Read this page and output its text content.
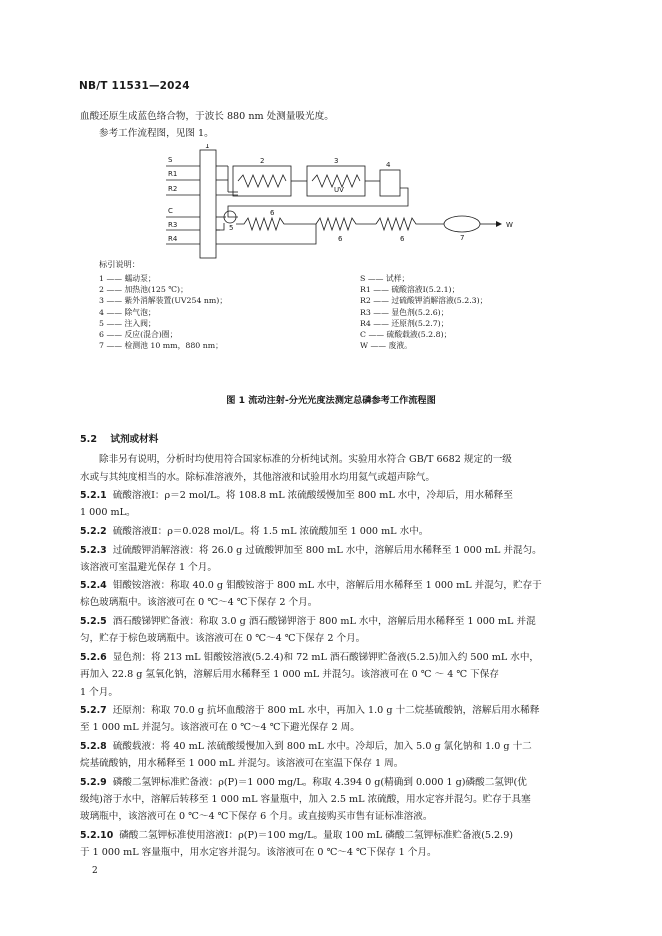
NB/T 11531—2024
血酸还原生成蓝色络合物，于波长 880 nm 处测量吸光度。
参考工作流程图，见图 1。
S
R1
R2
C
R3
R4
1
2	3
UV
4
5
6
6	6	7
W
标引说明：
1 —— 蠕动泵；
2 —— 加热池(125 ℃)；
3 —— 紫外消解装置(UV254 nm)；
4 —— 除气泡；
5 —— 注入阀；
6 —— 反应(混合)圈；
7 —— 检测池 10 mm，880 nm；
S —— 试样；
R1 —— 硫酸溶液Ⅰ(5.2.1)；
R2 —— 过硫酸钾消解溶液(5.2.3)；
R3 —— 显色剂(5.2.6)；
R4 —— 还原剂(5.2.7)；
C —— 硫酸载液(5.2.8)；
W —— 废液。
图 1 流动注射-分光光度法测定总磷参考工作流程图
5.2 试剂或材料
除非另有说明，分析时均使用符合国家标准的分析纯试剂。实验用水符合 GB/T 6682 规定的一级
水或与其纯度相当的水。除标准溶液外，其他溶液和试验用水均用氦气或超声除气。
5.2.1 硫酸溶液Ⅰ：ρ＝2 mol/L。将 108.8 mL 浓硫酸缓慢加至 800 mL 水中，冷却后，用水稀释至
1 000 mL。
5.2.2 硫酸溶液Ⅱ：ρ＝0.028 mol/L。将 1.5 mL 浓硫酸加至 1 000 mL 水中。
5.2.3 过硫酸钾消解溶液：将 26.0 g 过硫酸钾加至 800 mL 水中，溶解后用水稀释至 1 000 mL 并混匀。
该溶液可室温避光保存 1 个月。
5.2.4 钼酸铵溶液：称取 40.0 g 钼酸铵溶于 800 mL 水中，溶解后用水稀释至 1 000 mL 并混匀，贮存于
棕色玻璃瓶中。该溶液可在 0 ℃～4 ℃下保存 2 个月。
5.2.5 酒石酸锑钾贮备液：称取 3.0 g 酒石酸锑钾溶于 800 mL 水中，溶解后用水稀释至 1 000 mL 并混
匀，贮存于棕色玻璃瓶中。该溶液可在 0 ℃～4 ℃下保存 2 个月。
5.2.6 显色剂：将 213 mL 钼酸铵溶液(5.2.4)和 72 mL 酒石酸锑钾贮备液(5.2.5)加入约 500 mL 水中，
再加入 22.8 g 氢氧化钠，溶解后用水稀释至 1 000 mL 并混匀。该溶液可在 0 ℃ ～ 4 ℃ 下保存
1 个月。
5.2.7 还原剂：称取 70.0 g 抗坏血酸溶于 800 mL 水中，再加入 1.0 g 十二烷基硫酸钠，溶解后用水稀释
至 1 000 mL 并混匀。该溶液可在 0 ℃～4 ℃下避光保存 2 周。
5.2.8 硫酸载液：将 40 mL 浓硫酸缓慢加入到 800 mL 水中。冷却后，加入 5.0 g 氯化钠和 1.0 g 十二
烷基硫酸钠，用水稀释至 1 000 mL 并混匀。该溶液可在室温下保存 1 周。
5.2.9 磷酸二氢钾标准贮备液：ρ(P)＝1 000 mg/L。称取 4.394 0 g(精确到 0.000 1 g)磷酸二氢钾(优
级纯)溶于水中，溶解后转移至 1 000 mL 容量瓶中，加入 2.5 mL 浓硫酸，用水定容并混匀。贮存于具塞
玻璃瓶中，该溶液可在 0 ℃～4 ℃下保存 6 个月。或直接购买市售有证标准溶液。
5.2.10 磷酸二氢钾标准使用溶液Ⅰ：ρ(P)＝100 mg/L。量取 100 mL 磷酸二氢钾标准贮备液(5.2.9)
于 1 000 mL 容量瓶中，用水定容并混匀。该溶液可在 0 ℃～4 ℃下保存 1 个月。
2
